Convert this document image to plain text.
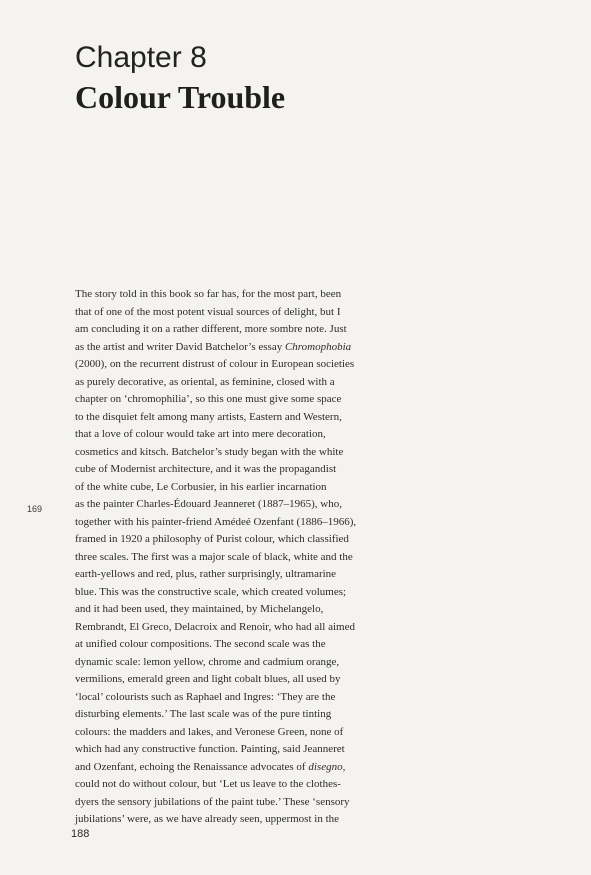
Chapter 8
Colour Trouble
The story told in this book so far has, for the most part, been
that of one of the most potent visual sources of delight, but I
am concluding it on a rather different, more sombre note. Just
as the artist and writer David Batchelor’s essay Chromophobia
(2000), on the recurrent distrust of colour in European societies
as purely decorative, as oriental, as feminine, closed with a
chapter on ‘chromophilia’, so this one must give some space
to the disquiet felt among many artists, Eastern and Western,
that a love of colour would take art into mere decoration,
cosmetics and kitsch. Batchelor’s study began with the white
cube of Modernist architecture, and it was the propagandist
of the white cube, Le Corbusier, in his earlier incarnation
as the painter Charles-Édouard Jeanneret (1887–1965), who,
together with his painter-friend Amédeé Ozenfant (1886–1966),
framed in 1920 a philosophy of Purist colour, which classified
three scales. The first was a major scale of black, white and the
earth-yellows and red, plus, rather surprisingly, ultramarine
blue. This was the constructive scale, which created volumes;
and it had been used, they maintained, by Michelangelo,
Rembrandt, El Greco, Delacroix and Renoir, who had all aimed
at unified colour compositions. The second scale was the
dynamic scale: lemon yellow, chrome and cadmium orange,
vermilions, emerald green and light cobalt blues, all used by
‘local’ colourists such as Raphael and Ingres: ‘They are the
disturbing elements.’ The last scale was of the pure tinting
colours: the madders and lakes, and Veronese Green, none of
which had any constructive function. Painting, said Jeanneret
and Ozenfant, echoing the Renaissance advocates of disegno,
could not do without colour, but ‘Let us leave to the clothes-
dyers the sensory jubilations of the paint tube.’ These ‘sensory
jubilations’ were, as we have already seen, uppermost in the
169
188
